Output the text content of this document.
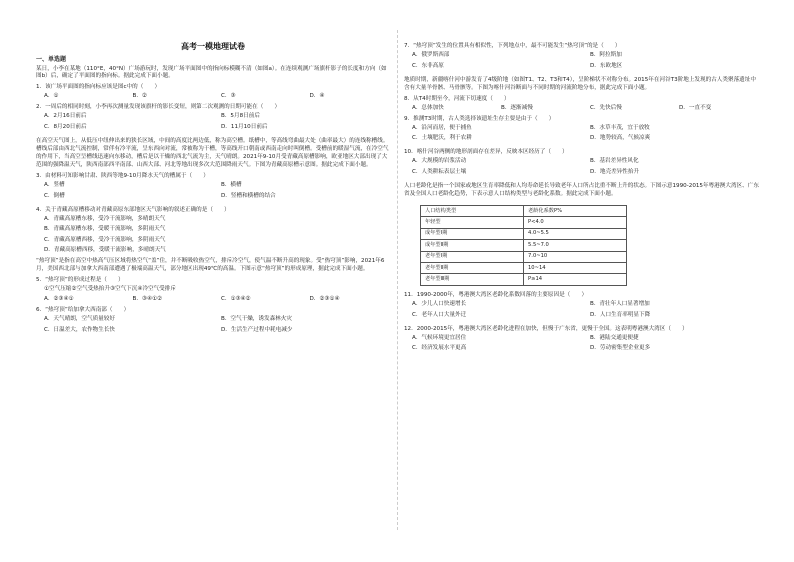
高考一模地理试卷
一、单选题

某日，小李在某地（110°E，40°N）广场游玩时，发现广场平面图中的指向标模糊不清（如图a）。在连续观测广场旗杆影子的长度和方向（如图b）后，确定了平面图的指向标。据此完成下面小题。

1．该广场平面图的指向标应该是图c中的（　　）
A．①	B．②	C．③	D．④
2．一周后的相同时刻，小李再次测量发现该旗杆的影长变短，则第二次观测的日期可能在（　　）
A．2月16日前后	B．5月8日前后
C．8月20日前后	D．11月10日前后

在高空天气图上，从低压中纽伸出来的狭长区域，中间的高度比两边低，称为高空槽。纸槽中，等高线弯曲最大处（曲率最大）的连线称槽线。槽线后部由西北气流控制，常伴有冷平流，呈东西向对流，常被称为干槽，等高线开口朝南或西南走向时叫倒槽。受槽前的暖湿气流，在冷空气的作用下，当高空呈槽线迅速向东移动，槽后是以干燥的西北气流为主，天气晴朗。2021年9-10月受青藏高原槽影响，欧亚地区大部出现了大范围的强降温天气，陕西南部西平南部、山西大部、河北等地出现多次大范围降雨天气。下图为青藏高原槽示意图。据此完成下面小题。

3．由材料可知影响甘肃、陕西等地9-10月降水天气的槽属于（　　）
A．竖槽	B．横槽
C．倒槽	D．竖槽和横槽的结合
4．关于青藏高原槽移动对青藏高原东部地区天气影响的叙述正确的是（　　）
A．青藏高原槽东移，受冷干流影响，多晴朗天气
B．青藏高原槽东移，受暖干流影响，多阴雨天气
C．青藏高原槽西移，受冷干流影响，多阴雨天气
D．青藏高原槽西移，受暖干流影响，多晴朗天气

“热穹顶”是指在高空中热高气压区域将热空气“盖”住，并不断吸收热空气，排斥冷空气，使气温不断升高的现象。受“热穹顶”影响，2021年6月，美国西北部与加拿大西南部遭遇了极端高温天气，部分地区出现49℃的高温。下图示意“热穹顶”的形成原理，据此完成下面小题。

5．“热穹顶”的形成过程是（　　）
①空气压缩②空气受热抬升③空气下沉④冷空气受排斥
A．②③④①	B．③④①②	C．①③④②	D．②③①④
6．“热穹顶”给加拿大西南部（　　）
A．天气晴朗，空气质量较好	B．空气干燥，诱发森林火灾
C．日温差大，农作物生长快	D．生活生产过程中耗电减少
7．“热穹顶”发生的位置具有相似性，下列地点中，最不可能发生“热穹顶”的是（　　）
A．俄罗斯西部	B．阿拉斯加
C．东非高原	D．东欧地区

地质时期，新疆喀什河中游发育了4级阶地（如图T1、T2、T3和T4），呈阶梯状不对称分布。2015年在河谷T3阶地上发现的古人类聚落遗址中含有大量羊骨骸、马骨骸等。下图为喀什河谷断面与不同时期的河流阶地分布，据此完成下面小题。

8．从T4时期至今，河流下切速度（　　）
A．总体加快	B．逐渐减慢	C．先快后慢	D．一直不变
9．推测T3时期，古人类选择该遗址生存主要是由于（　　）
A．沿河而居，便于捕鱼	B．水草丰茂，宜于放牧
C．土壤肥沃，利于农耕	D．地势较高，气候凉爽
10．喀什河谷两侧的地形剖面存在差异，反映本区经历了（　　）
A．大规模的岩浆活动	B．基岩差异性风化
C．人类耕耘表层土壤	D．地壳差异性抬升

人口老龄化是指一个国家或地区生育率降低和人均寿命延长导致老年人口所占比重不断上升的状态。下图示意1990-2015年粤港澳大湾区、广东省及全国人口老龄化趋势，下表示意人口结构类型与老龄化系数。据此完成下面小题。

人口结构类型	老龄化系数P%
年轻型	P<4.0
成年型Ⅰ期	4.0~5.5
成年型Ⅱ期	5.5~7.0
老年型Ⅰ期	7.0~10
老年型Ⅱ期	10~14
老年型Ⅲ期	P≥14
11．1990-2000年，粤港澳大湾区老龄化系数回落的主要原因是（　　）
A．少儿人口快速增长	B．青壮年人口显著增加
C．老年人口大量外迁	D．人口生育率明显下降
12．2000-2015年，粤港澳大湾区老龄化进程在加快，但慢于广东省，更慢于全国。这表明粤港澳大湾区（　　）
A．气候环境更宜居住	B．港陆交通更便捷
C．经济发展水平更高	D．劳动密集型企业更多
